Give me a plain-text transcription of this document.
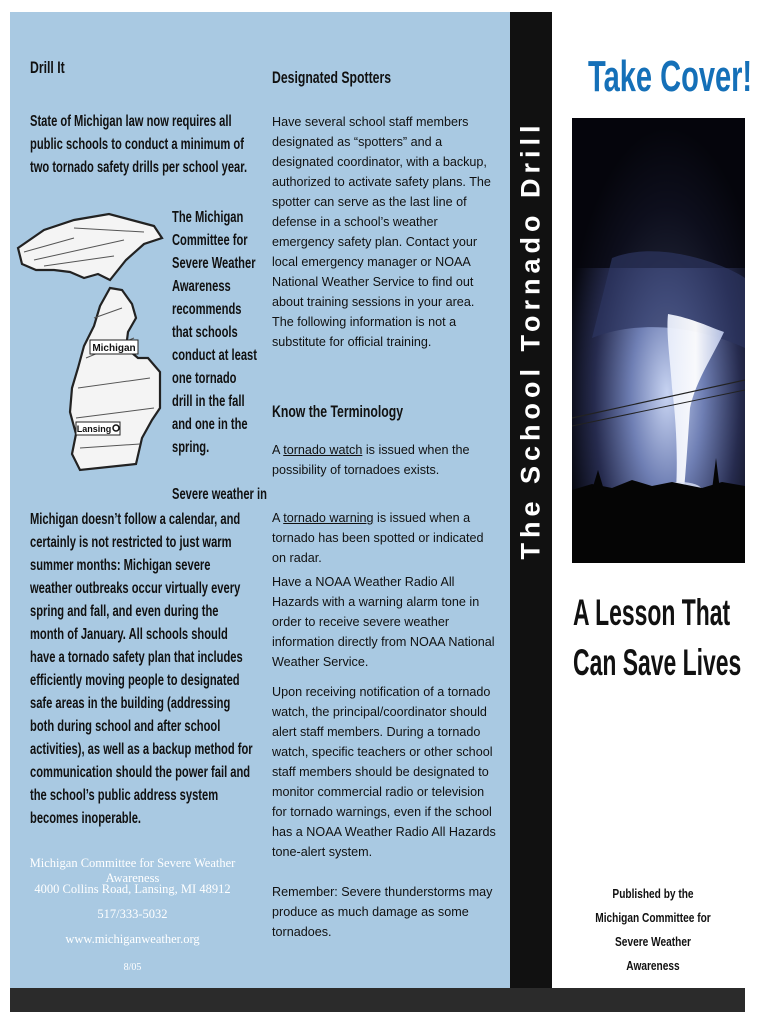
Drill It

State of Michigan law now requires all public schools to conduct a minimum of two tornado safety drills per school year.

Michigan
Lansing

The Michigan Committee for Severe Weather Awareness recommends that schools conduct at least one tornado drill in the fall and one in the spring.

Severe weather in

Michigan doesn’t follow a calendar, and certainly is not restricted to just warm summer months: Michigan severe weather outbreaks occur virtually every spring and fall, and even during the month of January. All schools should have a tornado safety plan that includes efficiently moving people to designated safe areas in the building (addressing both during school and after school activities), as well as a backup method for communication should the power fail and the school’s public address system becomes inoperable.

Michigan Committee for Severe Weather Awareness
4000 Collins Road, Lansing, MI 48912
517/333-5032
www.michiganweather.org
8/05
Designated Spotters

Have several school staff members designated as “spotters” and a designated coordinator, with a backup, authorized to activate safety plans. The spotter can serve as the last line of defense in a school’s weather emergency safety plan. Contact your local emergency manager or NOAA National Weather Service to find out about training sessions in your area. The following information is not a substitute for official training.

Know the Terminology

A tornado watch is issued when the possibility of tornadoes exists.

A tornado warning is issued when a tornado has been spotted or indicated on radar.

Have a NOAA Weather Radio All Hazards with a warning alarm tone in order to receive severe weather information directly from NOAA National Weather Service.

Upon receiving notification of a tornado watch, the principal/coordinator should alert staff members. During a tornado watch, specific teachers or other school staff members should be designated to monitor commercial radio or television for tornado warnings, even if the school has a NOAA Weather Radio All Hazards tone-alert system.

Remember: Severe thunderstorms may produce as much damage as some tornadoes.

The School Tornado Drill
Take Cover!
A Lesson That
Can Save Lives
Published by the Michigan Committee for Severe Weather Awareness
